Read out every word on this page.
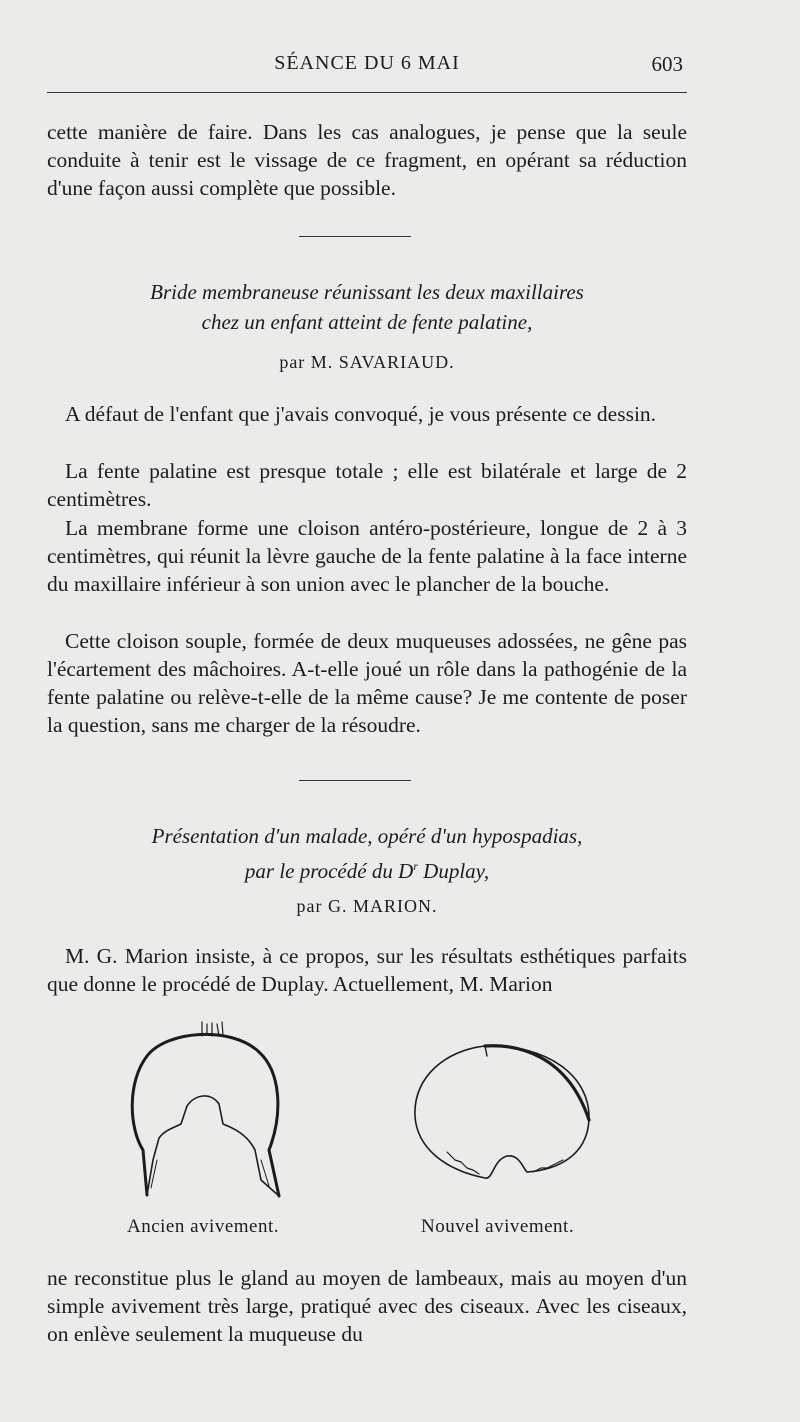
SÉANCE DU 6 MAI	603

cette manière de faire. Dans les cas analogues, je pense que la seule conduite à tenir est le vissage de ce fragment, en opérant sa réduction d'une façon aussi complète que possible.

Bride membraneuse réunissant les deux maxillaires

chez un enfant atteint de fente palatine,

par M. SAVARIAUD.

A défaut de l'enfant que j'avais convoqué, je vous présente ce dessin.

La fente palatine est presque totale ; elle est bilatérale et large de 2 centimètres.

La membrane forme une cloison antéro-postérieure, longue de 2 à 3 centimètres, qui réunit la lèvre gauche de la fente palatine à la face interne du maxillaire inférieur à son union avec le plancher de la bouche.

Cette cloison souple, formée de deux muqueuses adossées, ne gêne pas l'écartement des mâchoires. A-t-elle joué un rôle dans la pathogénie de la fente palatine ou relève-t-elle de la même cause? Je me contente de poser la question, sans me charger de la résoudre.

Présentation d'un malade, opéré d'un hypospadias,

par le procédé du $D^r$ Duplay,

par G. MARION.

M. G. Marion insiste, à ce propos, sur les résultats esthétiques parfaits que donne le procédé de Duplay. Actuellement, M. Marion

Ancien avivement.	Nouvel avivement.

ne reconstitue plus le gland au moyen de lambeaux, mais au moyen d'un simple avivement très large, pratiqué avec des ciseaux. Avec les ciseaux, on enlève seulement la muqueuse du
